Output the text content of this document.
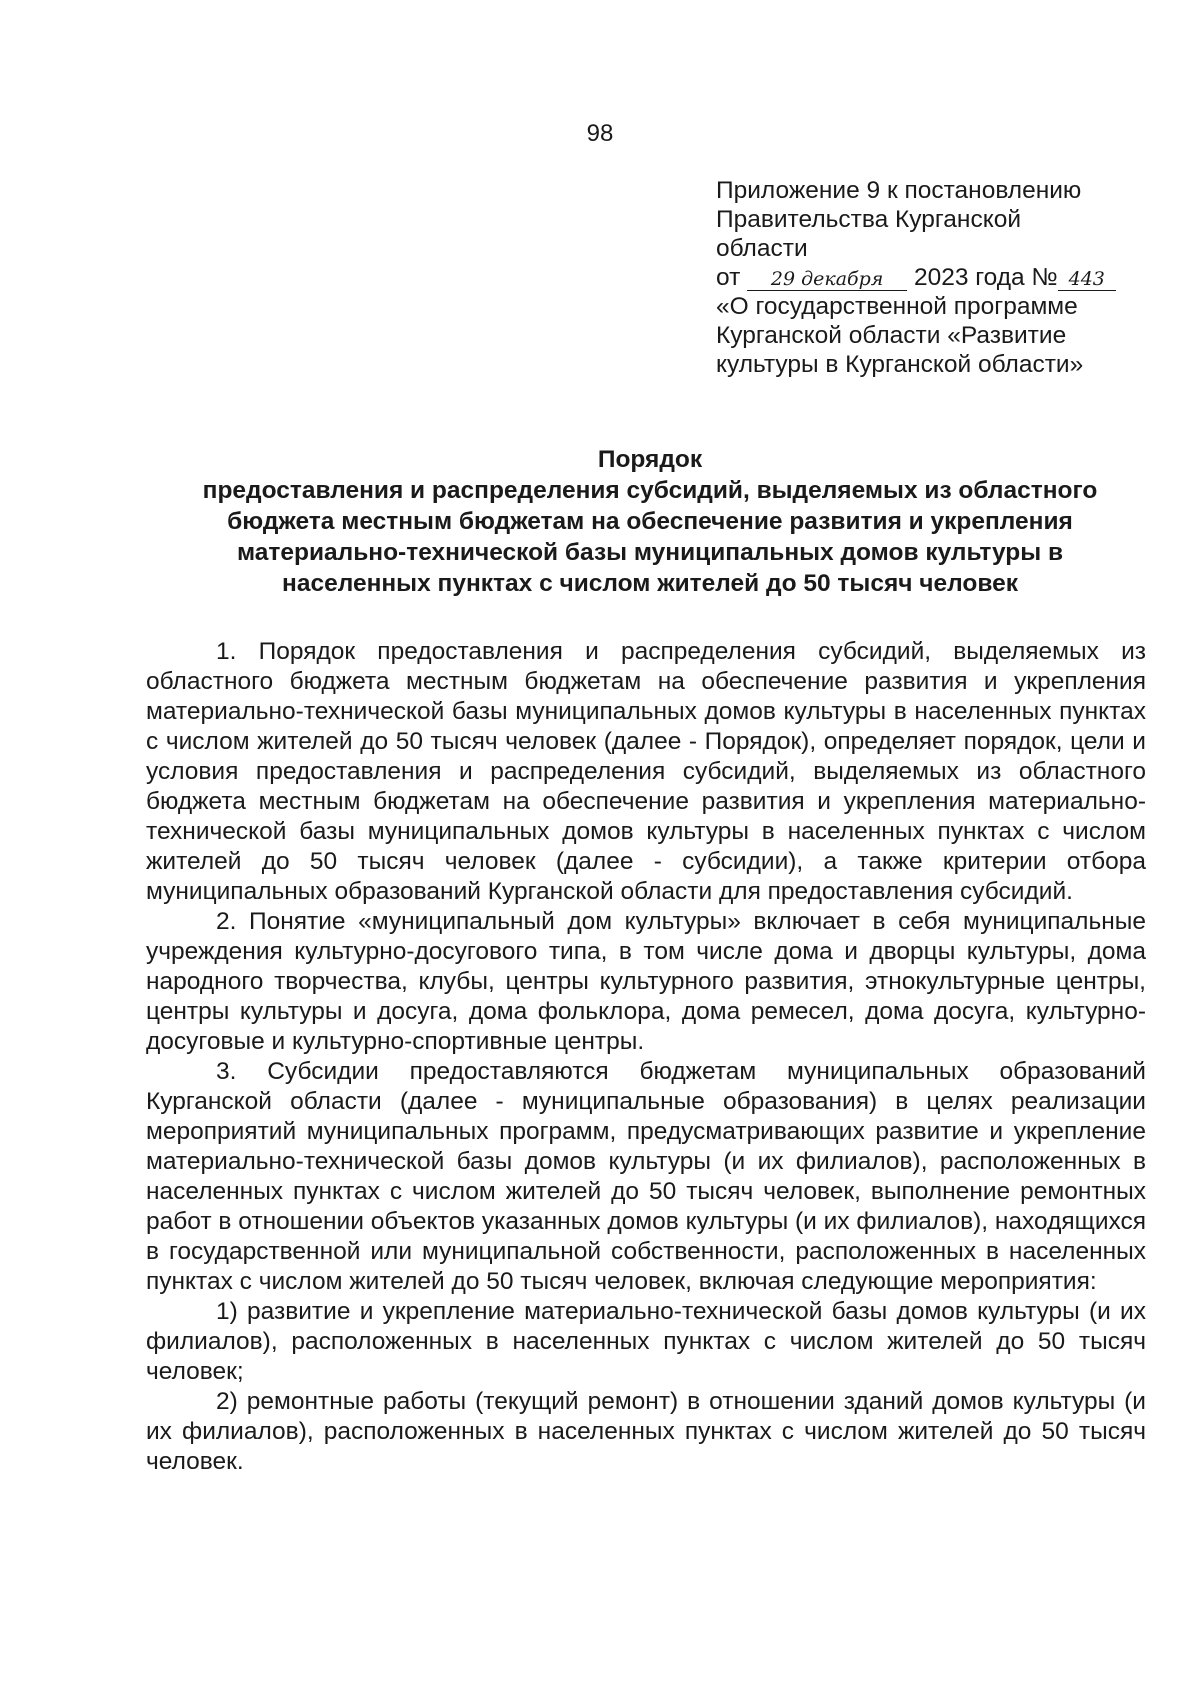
98
Приложение 9 к постановлению
Правительства Курганской
области
от 29 декабря 2023 года № 443
«О государственной программе
Курганской области «Развитие
культуры в Курганской области»
Порядок
предоставления и распределения субсидий, выделяемых из областного
бюджета местным бюджетам на обеспечение развития и укрепления
материально-технической базы муниципальных домов культуры в
населенных пунктах с числом жителей до 50 тысяч человек

1. Порядок предоставления и распределения субсидий, выделяемых из областного бюджета местным бюджетам на обеспечение развития и укрепления материально-технической базы муниципальных домов культуры в населенных пунктах с числом жителей до 50 тысяч человек (далее - Порядок), определяет порядок, цели и условия предоставления и распределения субсидий, выделяемых из областного бюджета местным бюджетам на обеспечение развития и укрепления материально-технической базы муниципальных домов культуры в населенных пунктах с числом жителей до 50 тысяч человек (далее - субсидии), а также критерии отбора муниципальных образований Курганской области для предоставления субсидий.

2. Понятие «муниципальный дом культуры» включает в себя муниципальные учреждения культурно-досугового типа, в том числе дома и дворцы культуры, дома народного творчества, клубы, центры культурного развития, этнокультурные центры, центры культуры и досуга, дома фольклора, дома ремесел, дома досуга, культурно-досуговые и культурно-спортивные центры.

3. Субсидии предоставляются бюджетам муниципальных образований Курганской области (далее - муниципальные образования) в целях реализации мероприятий муниципальных программ, предусматривающих развитие и укрепление материально-технической базы домов культуры (и их филиалов), расположенных в населенных пунктах с числом жителей до 50 тысяч человек, выполнение ремонтных работ в отношении объектов указанных домов культуры (и их филиалов), находящихся в государственной или муниципальной собственности, расположенных в населенных пунктах с числом жителей до 50 тысяч человек, включая следующие мероприятия:

1) развитие и укрепление материально-технической базы домов культуры (и их филиалов), расположенных в населенных пунктах с числом жителей до 50 тысяч человек;

2) ремонтные работы (текущий ремонт) в отношении зданий домов культуры (и их филиалов), расположенных в населенных пунктах с числом жителей до 50 тысяч человек.
